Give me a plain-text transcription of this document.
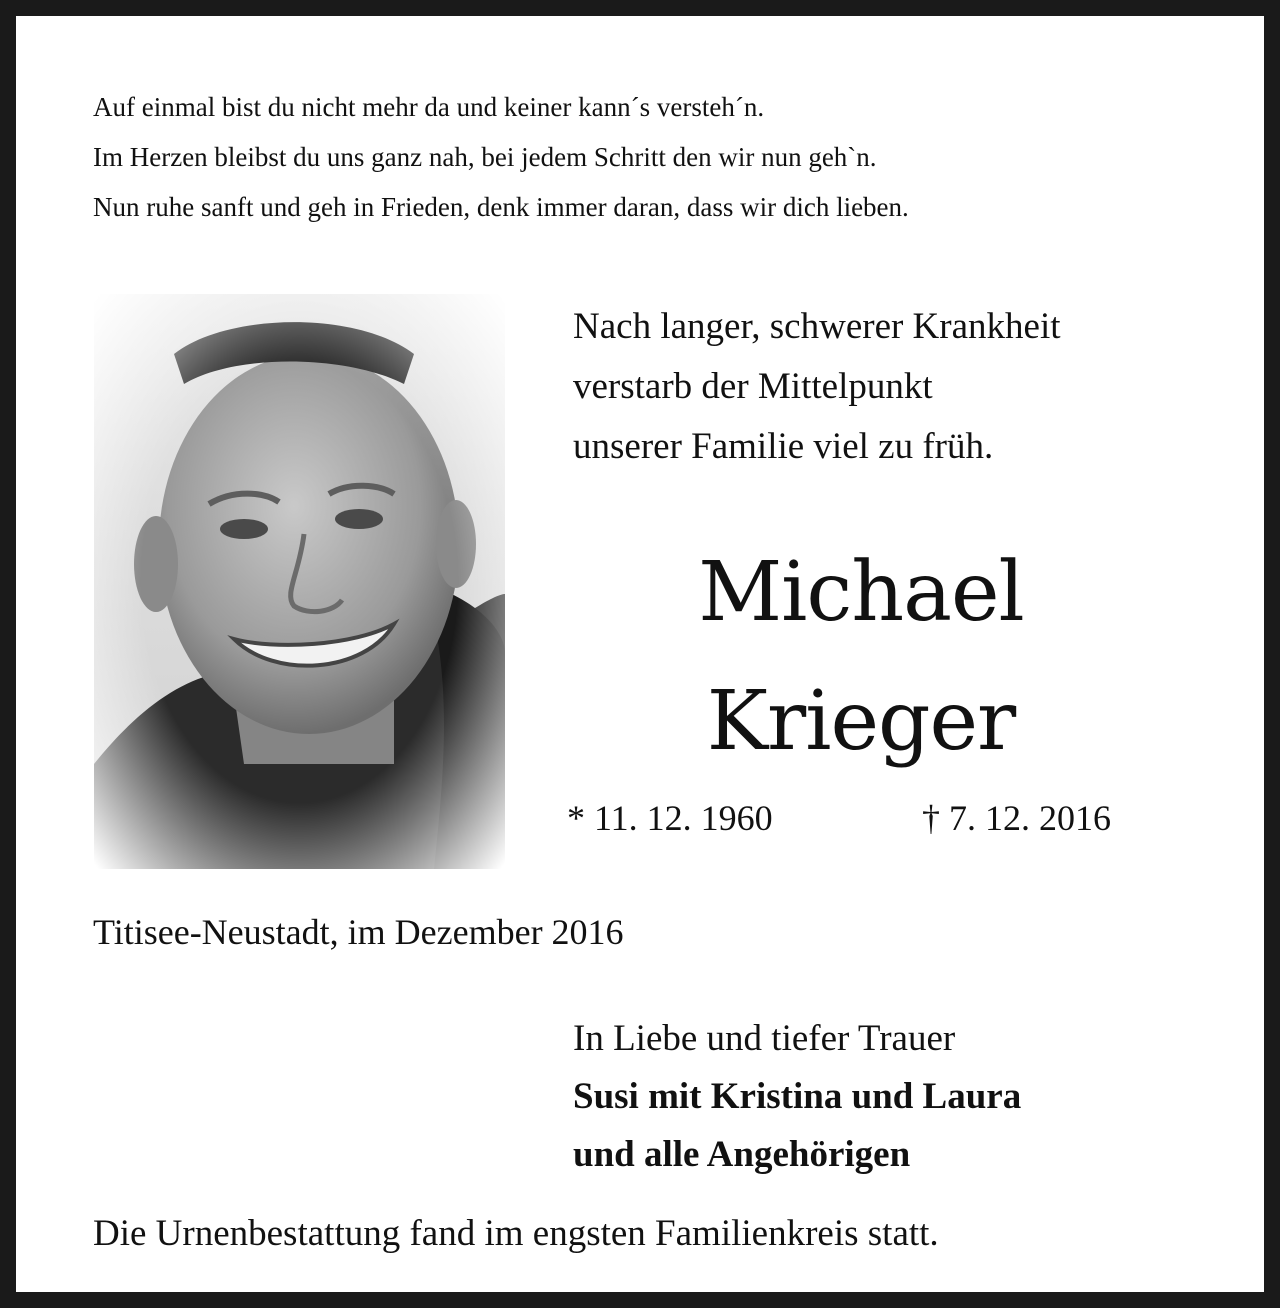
Auf einmal bist du nicht mehr da und keiner kann´s versteh´n.
Im Herzen bleibst du uns ganz nah, bei jedem Schritt den wir nun geh`n.
Nun ruhe sanft und geh in Frieden, denk immer daran, dass wir dich lieben.
Nach langer, schwerer Krankheit
verstarb der Mittelpunkt
unserer Familie viel zu früh.
Michael
Krieger
* 11. 12. 1960	† 7. 12. 2016
Titisee-Neustadt, im Dezember 2016
In Liebe und tiefer Trauer
Susi mit Kristina und Laura
und alle Angehörigen
Die Urnenbestattung fand im engsten Familienkreis statt.
